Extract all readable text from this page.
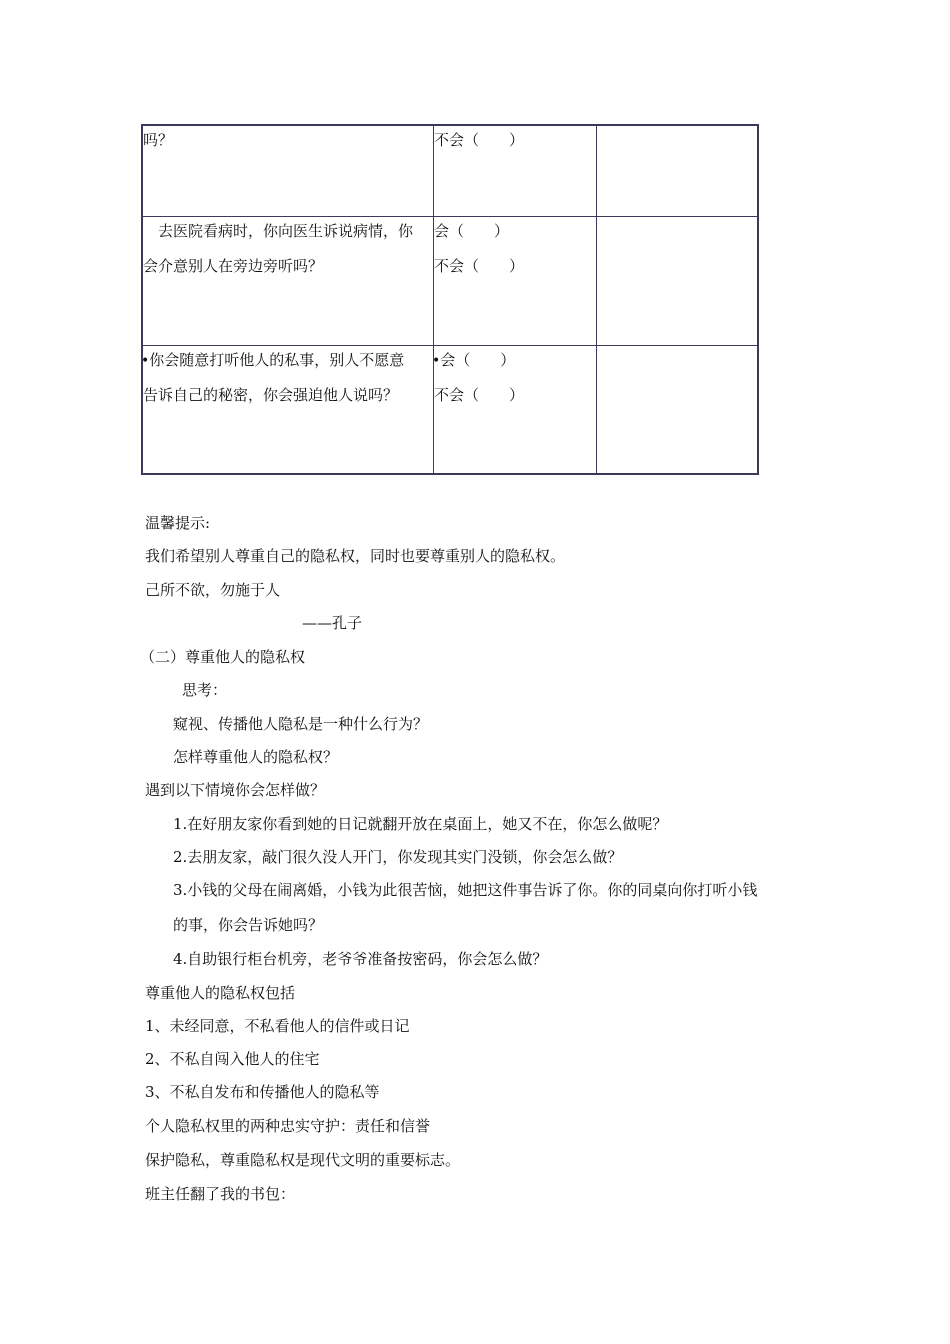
吗？	不会（　　）
　去医院看病时，你向医生诉说病情，你
会介意别人在旁边旁听吗？
会（　　）
不会（　　）
•你会随意打听他人的私事，别人不愿意
告诉自己的秘密，你会强迫他人说吗？
•会（　　）
不会（　　）
温馨提示:
我们希望别人尊重自己的隐私权，同时也要尊重别人的隐私权。
己所不欲，勿施于人
——孔子
（二）尊重他人的隐私权
思考：
窥视、传播他人隐私是一种什么行为？
怎样尊重他人的隐私权？
遇到以下情境你会怎样做？
1.在好朋友家你看到她的日记就翻开放在桌面上，她又不在，你怎么做呢？
2.去朋友家，敲门很久没人开门，你发现其实门没锁，你会怎么做？
3.小钱的父母在闹离婚，小钱为此很苦恼，她把这件事告诉了你。你的同桌向你打听小钱
的事，你会告诉她吗？
4.自助银行柜台机旁，老爷爷准备按密码，你会怎么做？
尊重他人的隐私权包括
1、未经同意，不私看他人的信件或日记
2、不私自闯入他人的住宅
3、不私自发布和传播他人的隐私等
个人隐私权里的两种忠实守护：责任和信誉
保护隐私，尊重隐私权是现代文明的重要标志。
班主任翻了我的书包：
